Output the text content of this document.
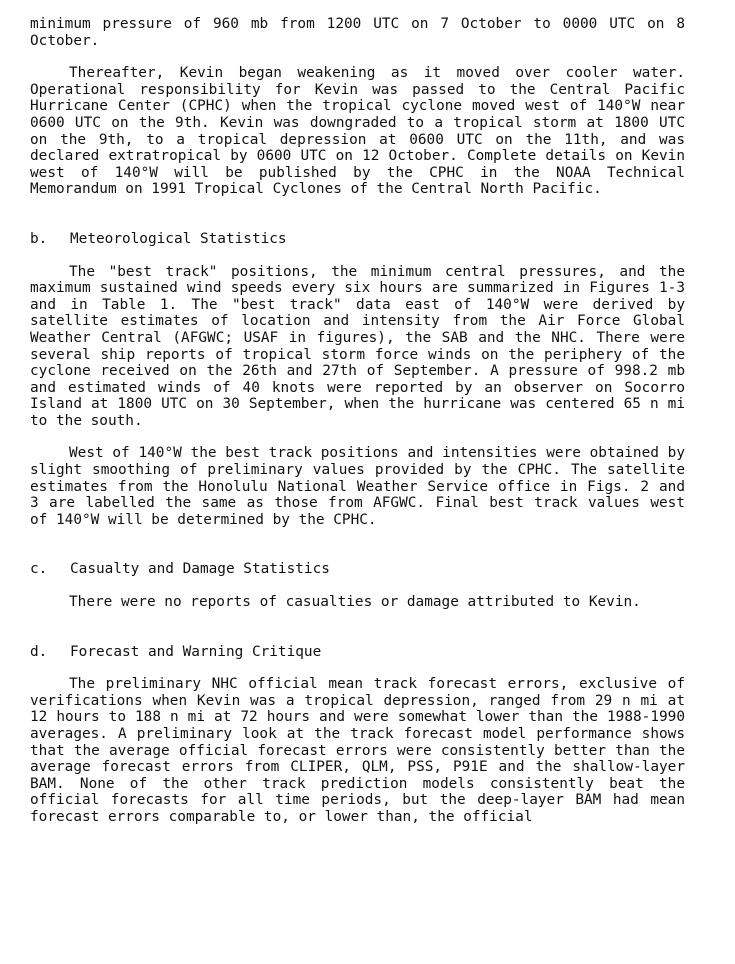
minimum pressure of 960 mb from 1200 UTC on 7 October to 0000 UTC on 8 October.

Thereafter, Kevin began weakening as it moved over cooler water. Operational responsibility for Kevin was passed to the Central Pacific Hurricane Center (CPHC) when the tropical cyclone moved west of 140°W near 0600 UTC on the 9th. Kevin was downgraded to a tropical storm at 1800 UTC on the 9th, to a tropical depression at 0600 UTC on the 11th, and was declared extratropical by 0600 UTC on 12 October. Complete details on Kevin west of 140°W will be published by the CPHC in the NOAA Technical Memorandum on 1991 Tropical Cyclones of the Central North Pacific.

b.	Meteorological Statistics

The "best track" positions, the minimum central pressures, and the maximum sustained wind speeds every six hours are summarized in Figures 1-3 and in Table 1. The "best track" data east of 140°W were derived by satellite estimates of location and intensity from the Air Force Global Weather Central (AFGWC; USAF in figures), the SAB and the NHC. There were several ship reports of tropical storm force winds on the periphery of the cyclone received on the 26th and 27th of September. A pressure of 998.2 mb and estimated winds of 40 knots were reported by an observer on Socorro Island at 1800 UTC on 30 September, when the hurricane was centered 65 n mi to the south.

West of 140°W the best track positions and intensities were obtained by slight smoothing of preliminary values provided by the CPHC. The satellite estimates from the Honolulu National Weather Service office in Figs. 2 and 3 are labelled the same as those from AFGWC. Final best track values west of 140°W will be determined by the CPHC.

c.	Casualty and Damage Statistics

There were no reports of casualties or damage attributed to Kevin.

d.	Forecast and Warning Critique

The preliminary NHC official mean track forecast errors, exclusive of verifications when Kevin was a tropical depression, ranged from 29 n mi at 12 hours to 188 n mi at 72 hours and were somewhat lower than the 1988-1990 averages. A preliminary look at the track forecast model performance shows that the average official forecast errors were consistently better than the average forecast errors from CLIPER, QLM, PSS, P91E and the shallow-layer BAM. None of the other track prediction models consistently beat the official forecasts for all time periods, but the deep-layer BAM had mean forecast errors comparable to, or lower than, the official
